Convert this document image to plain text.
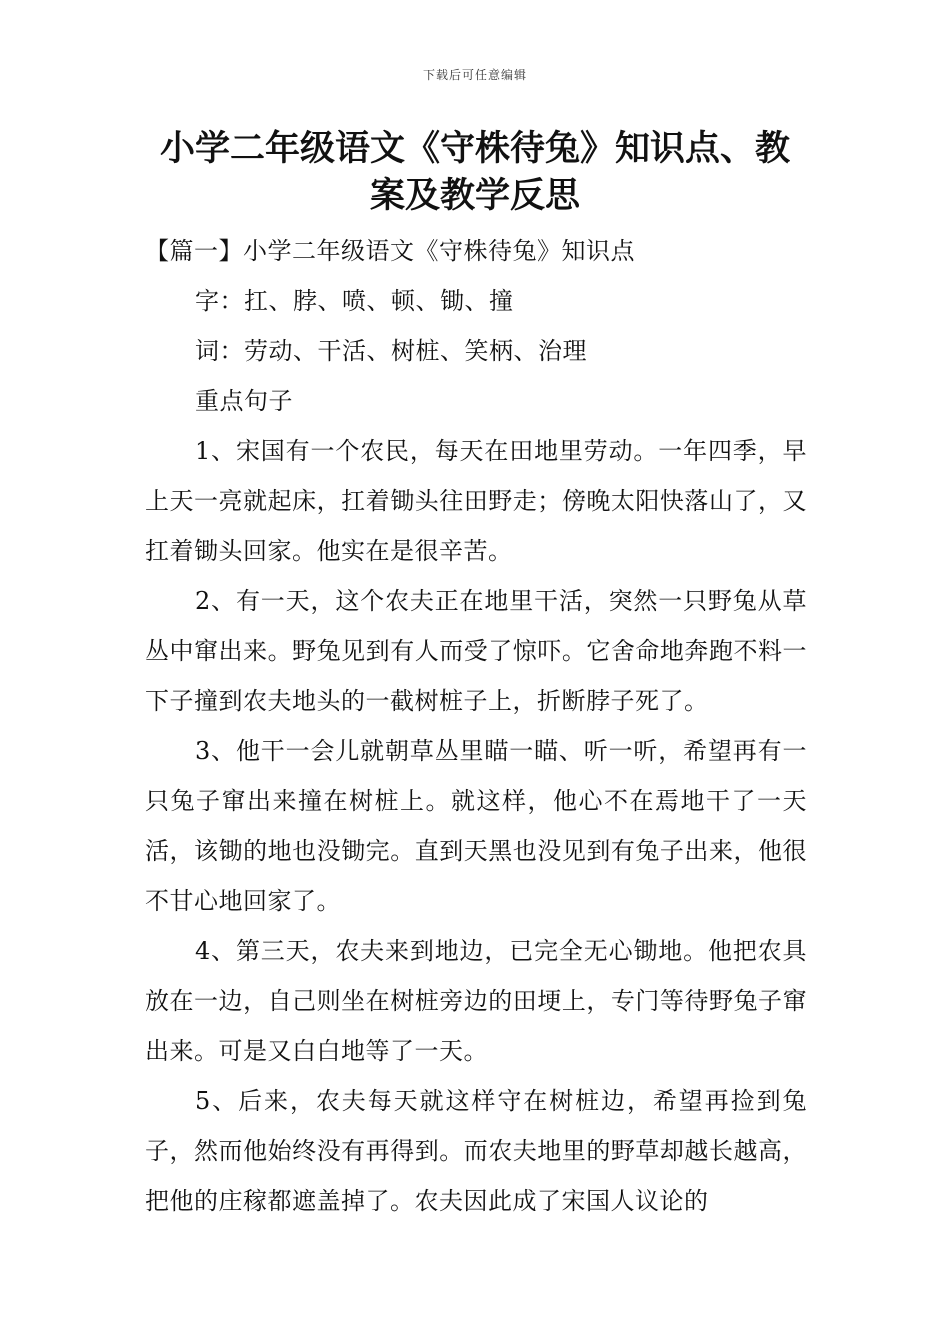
下载后可任意编辑
小学二年级语文《守株待兔》知识点、教案及教学反思

【篇一】小学二年级语文《守株待兔》知识点

字：扛、脖、喷、顿、锄、撞

词：劳动、干活、树桩、笑柄、治理

重点句子

1、宋国有一个农民，每天在田地里劳动。一年四季，早上天一亮就起床，扛着锄头往田野走；傍晚太阳快落山了，又扛着锄头回家。他实在是很辛苦。

2、有一天，这个农夫正在地里干活，突然一只野兔从草丛中窜出来。野兔见到有人而受了惊吓。它舍命地奔跑不料一下子撞到农夫地头的一截树桩子上，折断脖子死了。

3、他干一会儿就朝草丛里瞄一瞄、听一听，希望再有一只兔子窜出来撞在树桩上。就这样，他心不在焉地干了一天活，该锄的地也没锄完。直到天黑也没见到有兔子出来，他很不甘心地回家了。

4、第三天，农夫来到地边，已完全无心锄地。他把农具放在一边，自己则坐在树桩旁边的田埂上，专门等待野兔子窜出来。可是又白白地等了一天。

5、后来，农夫每天就这样守在树桩边，希望再捡到兔子，然而他始终没有再得到。而农夫地里的野草却越长越高，把他的庄稼都遮盖掉了。农夫因此成了宋国人议论的
